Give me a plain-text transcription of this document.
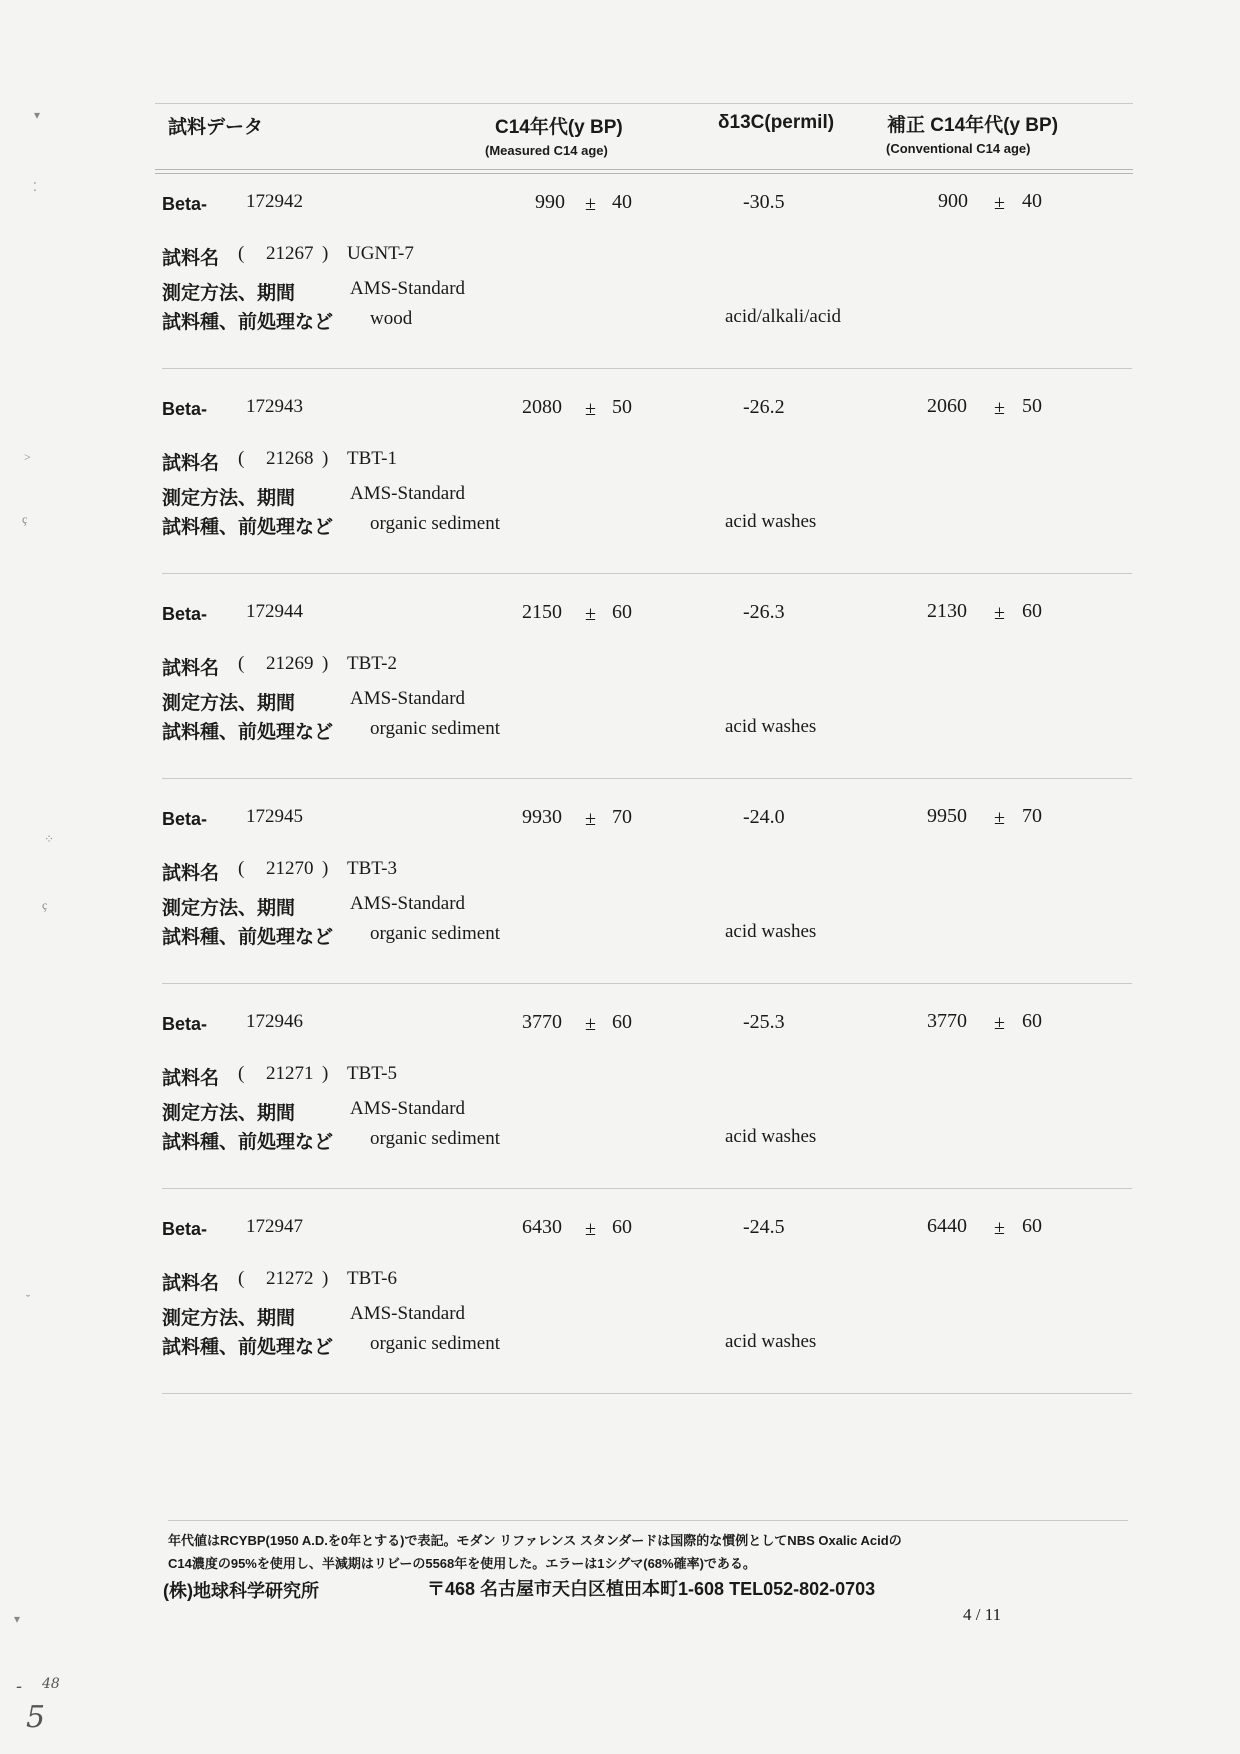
試料データ	C14年代(y BP)
(Measured C14 age)
δ13C(permil)	補正 C14年代(y BP)
(Conventional C14 age)
Beta- 172942	990 ± 40	-30.5	900 ± 40
試料名 ( 21267 ) UGNT-7
測定方法、期間	AMS-Standard
試料種、前処理など wood	acid/alkali/acid
Beta- 172943	2080 ± 50	-26.2	2060 ± 50
試料名 ( 21268 ) TBT-1
測定方法、期間	AMS-Standard
試料種、前処理など organic sediment	acid washes
Beta- 172944	2150 ± 60	-26.3	2130 ± 60
試料名 ( 21269 ) TBT-2
測定方法、期間	AMS-Standard
試料種、前処理など organic sediment	acid washes
Beta- 172945	9930 ± 70	-24.0	9950 ± 70
試料名 ( 21270 ) TBT-3
測定方法、期間	AMS-Standard
試料種、前処理など organic sediment	acid washes
Beta- 172946	3770 ± 60	-25.3	3770 ± 60
試料名 ( 21271 ) TBT-5
測定方法、期間	AMS-Standard
試料種、前処理など organic sediment	acid washes
Beta- 172947	6430 ± 60	-24.5	6440 ± 60
試料名 ( 21272 ) TBT-6
測定方法、期間	AMS-Standard
試料種、前処理など organic sediment	acid washes
年代値はRCYBP(1950 A.D.を0年とする)で表記。モダン リファレンス スタンダードは国際的な慣例としてNBS Oxalic Acidの
C14濃度の95%を使用し、半減期はリビーの5568年を使用した。エラーは1シグマ(68%確率)である。
(株)地球科学研究所	〒468 名古屋市天白区植田本町1-608 TEL052-802-0703
4 / 11
▾
⁚
˃
ç
⁘
ç
ˇ
▾
- 48
5
